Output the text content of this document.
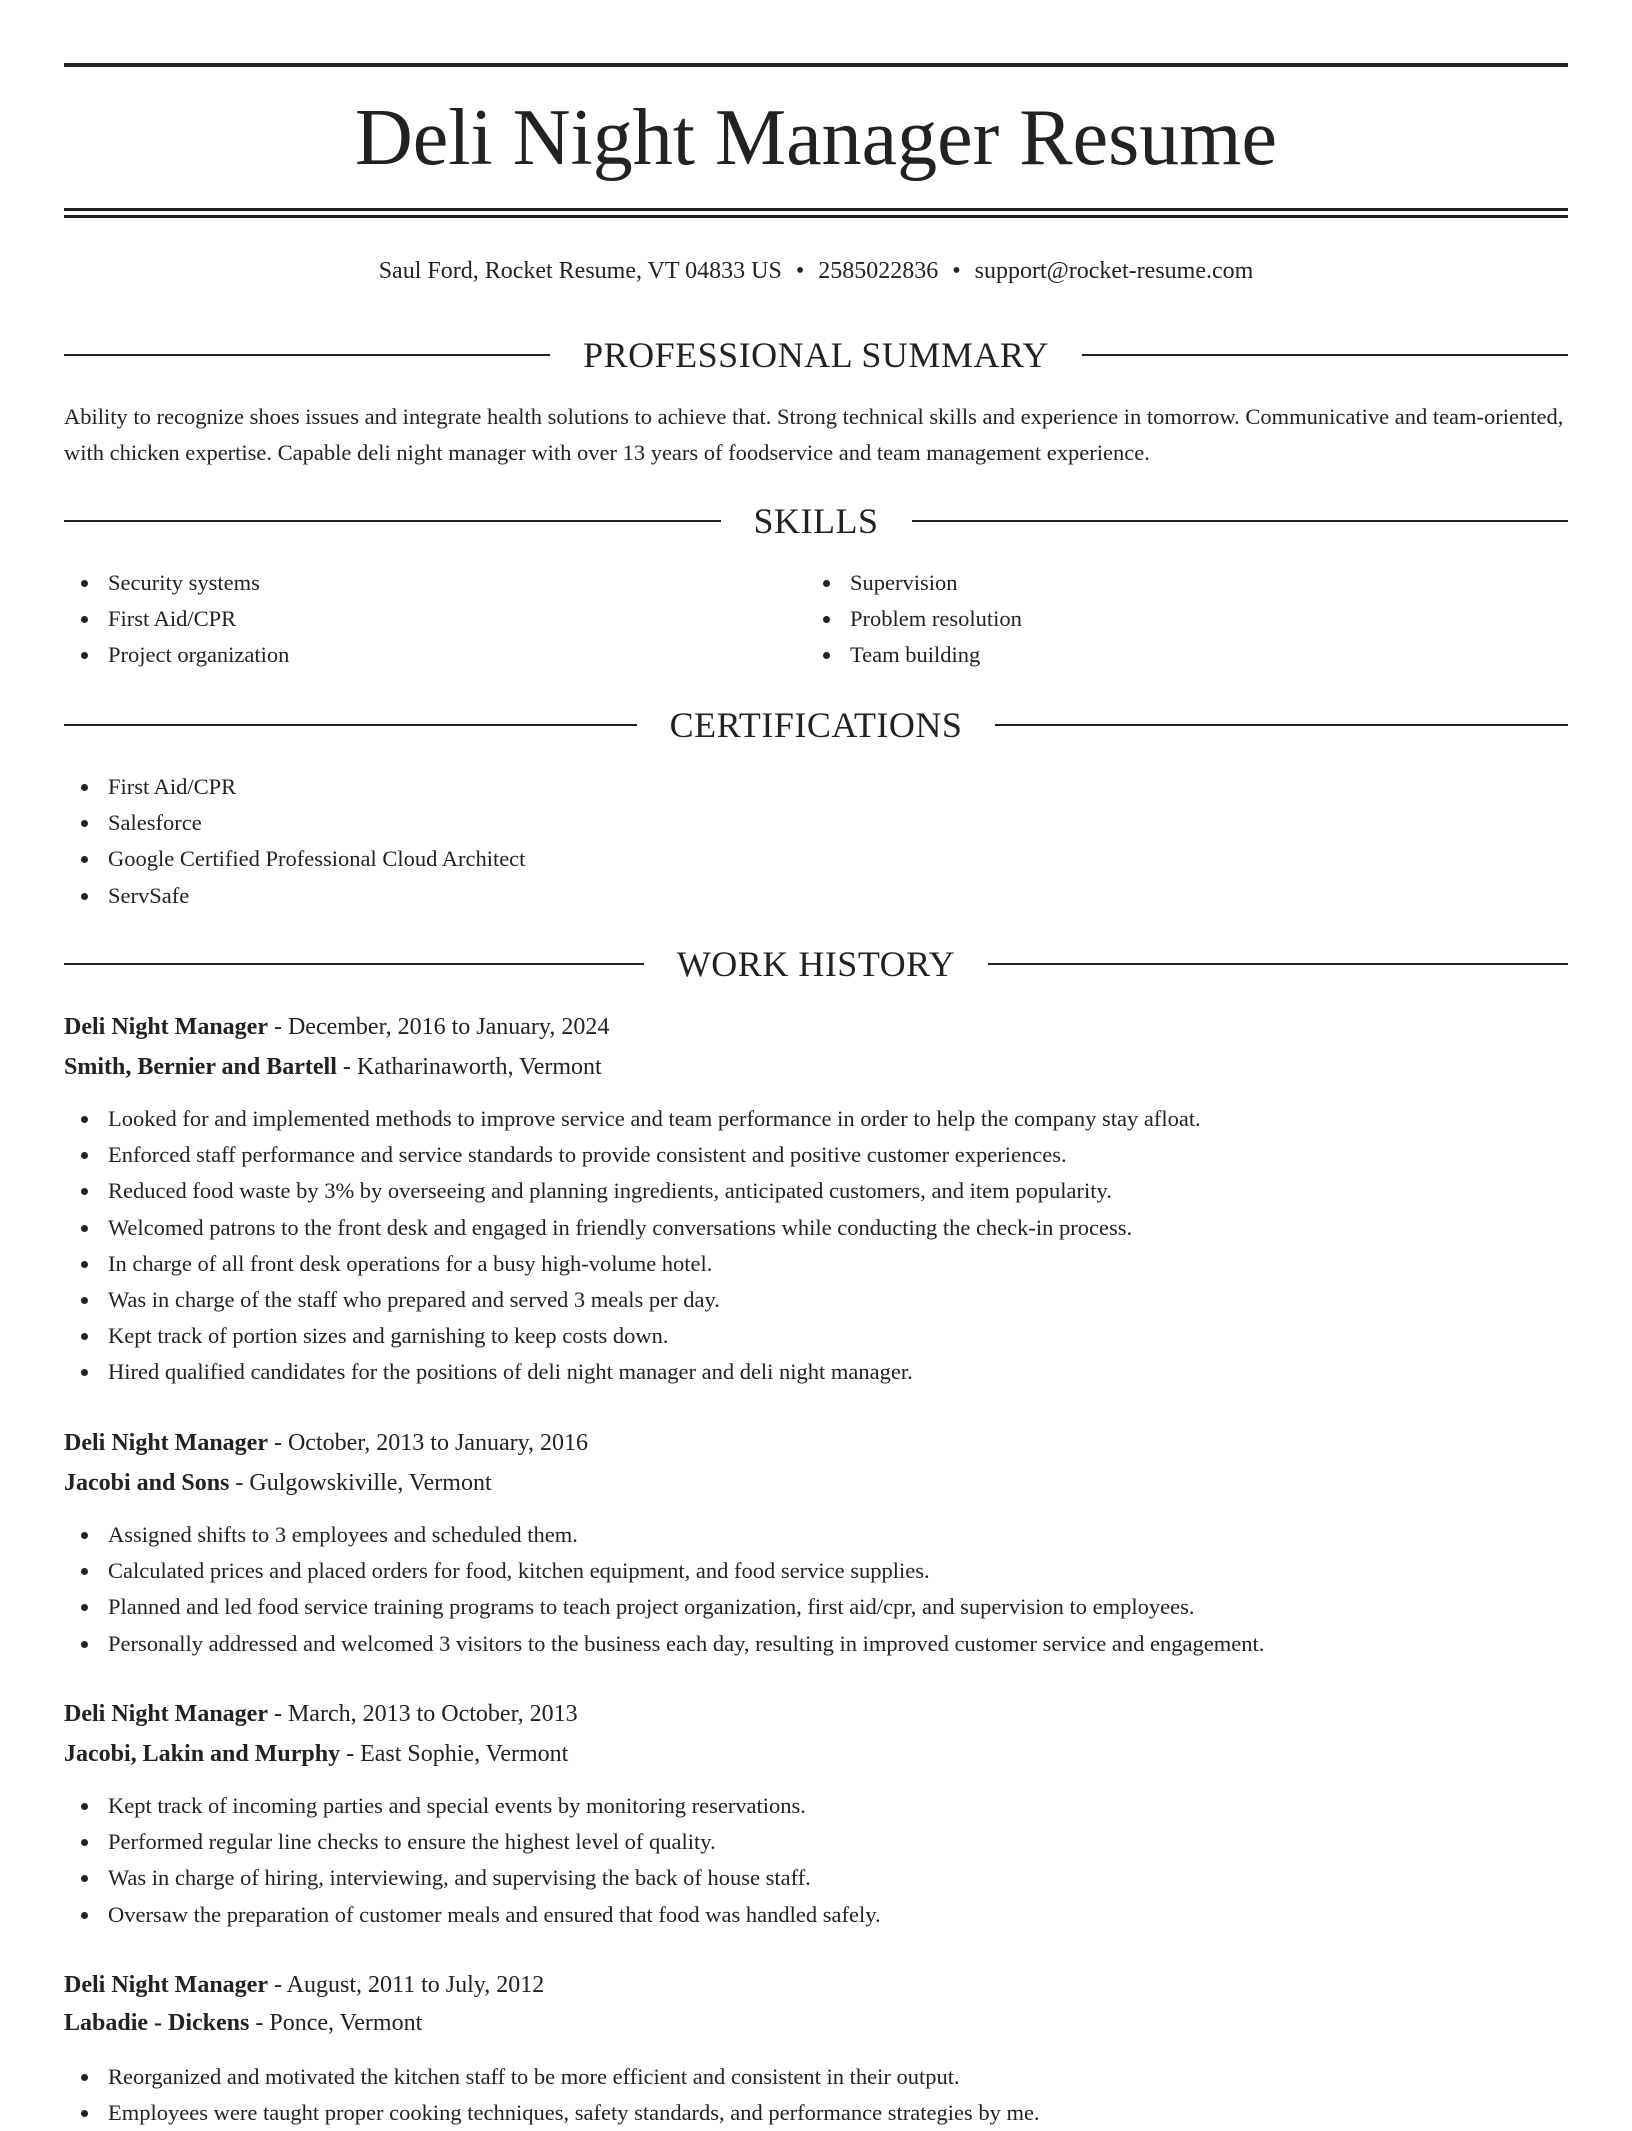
Deli Night Manager Resume
Saul Ford, Rocket Resume, VT 04833 US • 2585022836 • support@rocket-resume.com
PROFESSIONAL SUMMARY

Ability to recognize shoes issues and integrate health solutions to achieve that. Strong technical skills and experience in tomorrow. Communicative and team-oriented, with chicken expertise. Capable deli night manager with over 13 years of foodservice and team management experience.

SKILLS
Security systems
First Aid/CPR
Project organization
Supervision
Problem resolution
Team building
CERTIFICATIONS
First Aid/CPR
Salesforce
Google Certified Professional Cloud Architect
ServSafe
WORK HISTORY
Deli Night Manager - December, 2016 to January, 2024
Smith, Bernier and Bartell - Katharinaworth, Vermont
Looked for and implemented methods to improve service and team performance in order to help the company stay afloat.
Enforced staff performance and service standards to provide consistent and positive customer experiences.
Reduced food waste by 3% by overseeing and planning ingredients, anticipated customers, and item popularity.
Welcomed patrons to the front desk and engaged in friendly conversations while conducting the check-in process.
In charge of all front desk operations for a busy high-volume hotel.
Was in charge of the staff who prepared and served 3 meals per day.
Kept track of portion sizes and garnishing to keep costs down.
Hired qualified candidates for the positions of deli night manager and deli night manager.
Deli Night Manager - October, 2013 to January, 2016
Jacobi and Sons - Gulgowskiville, Vermont
Assigned shifts to 3 employees and scheduled them.
Calculated prices and placed orders for food, kitchen equipment, and food service supplies.
Planned and led food service training programs to teach project organization, first aid/cpr, and supervision to employees.
Personally addressed and welcomed 3 visitors to the business each day, resulting in improved customer service and engagement.
Deli Night Manager - March, 2013 to October, 2013
Jacobi, Lakin and Murphy - East Sophie, Vermont
Kept track of incoming parties and special events by monitoring reservations.
Performed regular line checks to ensure the highest level of quality.
Was in charge of hiring, interviewing, and supervising the back of house staff.
Oversaw the preparation of customer meals and ensured that food was handled safely.
Deli Night Manager - August, 2011 to July, 2012
Labadie - Dickens - Ponce, Vermont
Reorganized and motivated the kitchen staff to be more efficient and consistent in their output.
Employees were taught proper cooking techniques, safety standards, and performance strategies by me.
